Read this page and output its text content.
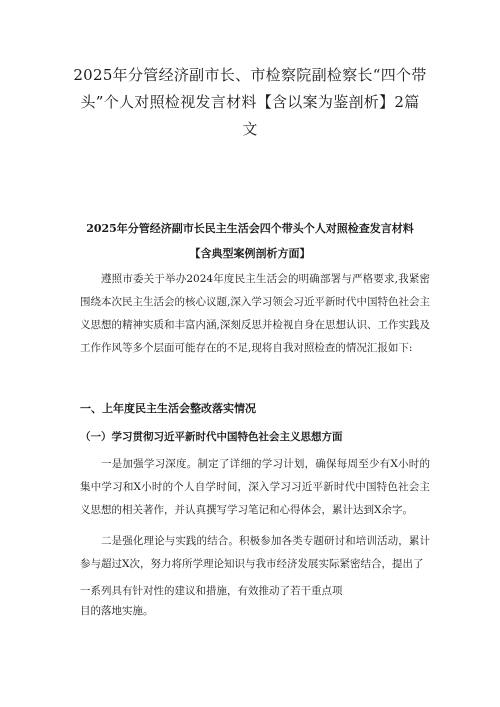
2025年分管经济副市长、市检察院副检察长“四个带
头”个人对照检视发言材料【含以案为鉴剖析】2篇
文
2025年分管经济副市长民主生活会四个带头个人对照检查发言材料
【含典型案例剖析方面】

遵照市委关于举办2024年度民主生活会的明确部署与严格要求,我紧密围绕本次民主生活会的核心议题,深入学习领会习近平新时代中国特色社会主义思想的精神实质和丰富内涵,深刻反思并检视自身在思想认识、工作实践及工作作风等多个层面可能存在的不足,现将自我对照检查的情况汇报如下:

一、上年度民主生活会整改落实情况
（一）学习贯彻习近平新时代中国特色社会主义思想方面

一是加强学习深度。制定了详细的学习计划，确保每周至少有X小时的集中学习和X小时的个人自学时间，深入学习习近平新时代中国特色社会主义思想的相关著作，并认真撰写学习笔记和心得体会，累计达到X余字。

二是强化理论与实践的结合。积极参加各类专题研讨和培训活动，累计参与超过X次，努力将所学理论知识与我市经济发展实际紧密结合，提出了

一系列具有针对性的建议和措施，有效推动了若干重点项

目的落地实施。
